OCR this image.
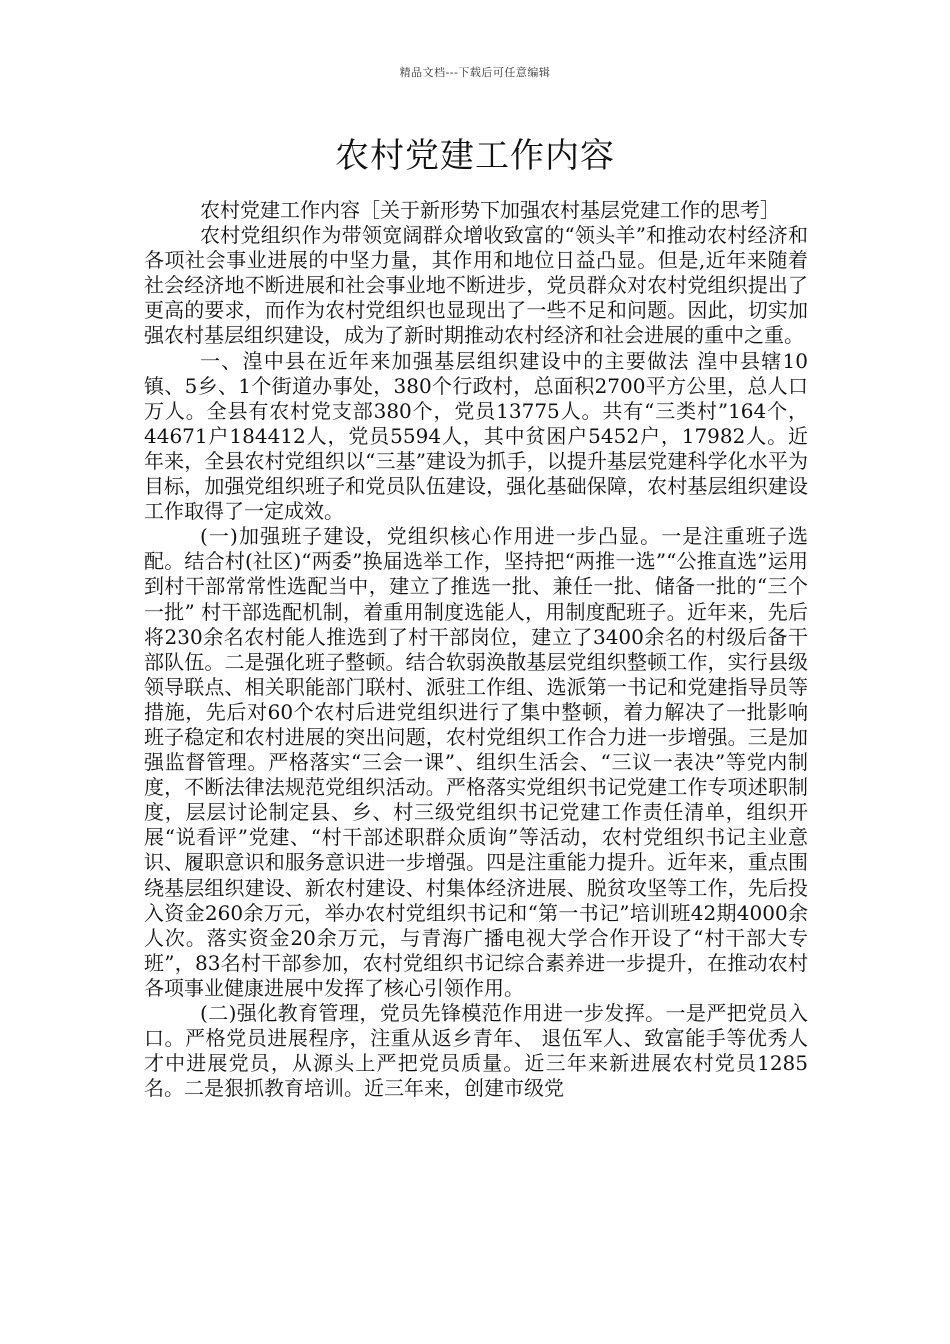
精品文档---下载后可任意编辑
农村党建工作内容

农村党建工作内容［关于新形势下加强农村基层党建工作的思考］

农村党组织作为带领宽阔群众增收致富的“领头羊”和推动农村经济和各项社会事业进展的中坚力量，其作用和地位日益凸显。但是,近年来随着社会经济地不断进展和社会事业地不断进步，党员群众对农村党组织提出了更高的要求，而作为农村党组织也显现出了一些不足和问题。因此，切实加强农村基层组织建设，成为了新时期推动农村经济和社会进展的重中之重。

一、湟中县在近年来加强基层组织建设中的主要做法 湟中县辖10镇、5乡、1个街道办事处，380个行政村，总面积2700平方公里，总人口万人。全县有农村党支部380个，党员13775人。共有“三类村”164个，44671户184412人，党员5594人，其中贫困户5452户，17982人。近年来，全县农村党组织以“三基”建设为抓手，以提升基层党建科学化水平为目标，加强党组织班子和党员队伍建设，强化基础保障，农村基层组织建设工作取得了一定成效。

(一)加强班子建设，党组织核心作用进一步凸显。一是注重班子选配。结合村(社区)“两委”换届选举工作，坚持把“两推一选”“公推直选”运用到村干部常常性选配当中，建立了推选一批、兼任一批、储备一批的“三个一批” 村干部选配机制，着重用制度选能人，用制度配班子。近年来，先后将230余名农村能人推选到了村干部岗位，建立了3400余名的村级后备干部队伍。二是强化班子整顿。结合软弱涣散基层党组织整顿工作，实行县级领导联点、相关职能部门联村、派驻工作组、选派第一书记和党建指导员等措施，先后对60个农村后进党组织进行了集中整顿，着力解决了一批影响班子稳定和农村进展的突出问题，农村党组织工作合力进一步增强。三是加强监督管理。严格落实“三会一课”、组织生活会、“三议一表决”等党内制度，不断法律法规范党组织活动。严格落实党组织书记党建工作专项述职制度，层层讨论制定县、乡、村三级党组织书记党建工作责任清单，组织开展“说看评”党建、“村干部述职群众质询”等活动，农村党组织书记主业意识、履职意识和服务意识进一步增强。四是注重能力提升。近年来，重点围绕基层组织建设、新农村建设、村集体经济进展、脱贫攻坚等工作，先后投入资金260余万元，举办农村党组织书记和“第一书记”培训班42期4000余人次。落实资金20余万元，与青海广播电视大学合作开设了“村干部大专班”，83名村干部参加，农村党组织书记综合素养进一步提升，在推动农村各项事业健康进展中发挥了核心引领作用。

(二)强化教育管理，党员先锋模范作用进一步发挥。一是严把党员入口。严格党员进展程序，注重从返乡青年、 退伍军人、致富能手等优秀人才中进展党员，从源头上严把党员质量。近三年来新进展农村党员1285名。二是狠抓教育培训。近三年来，创建市级党
